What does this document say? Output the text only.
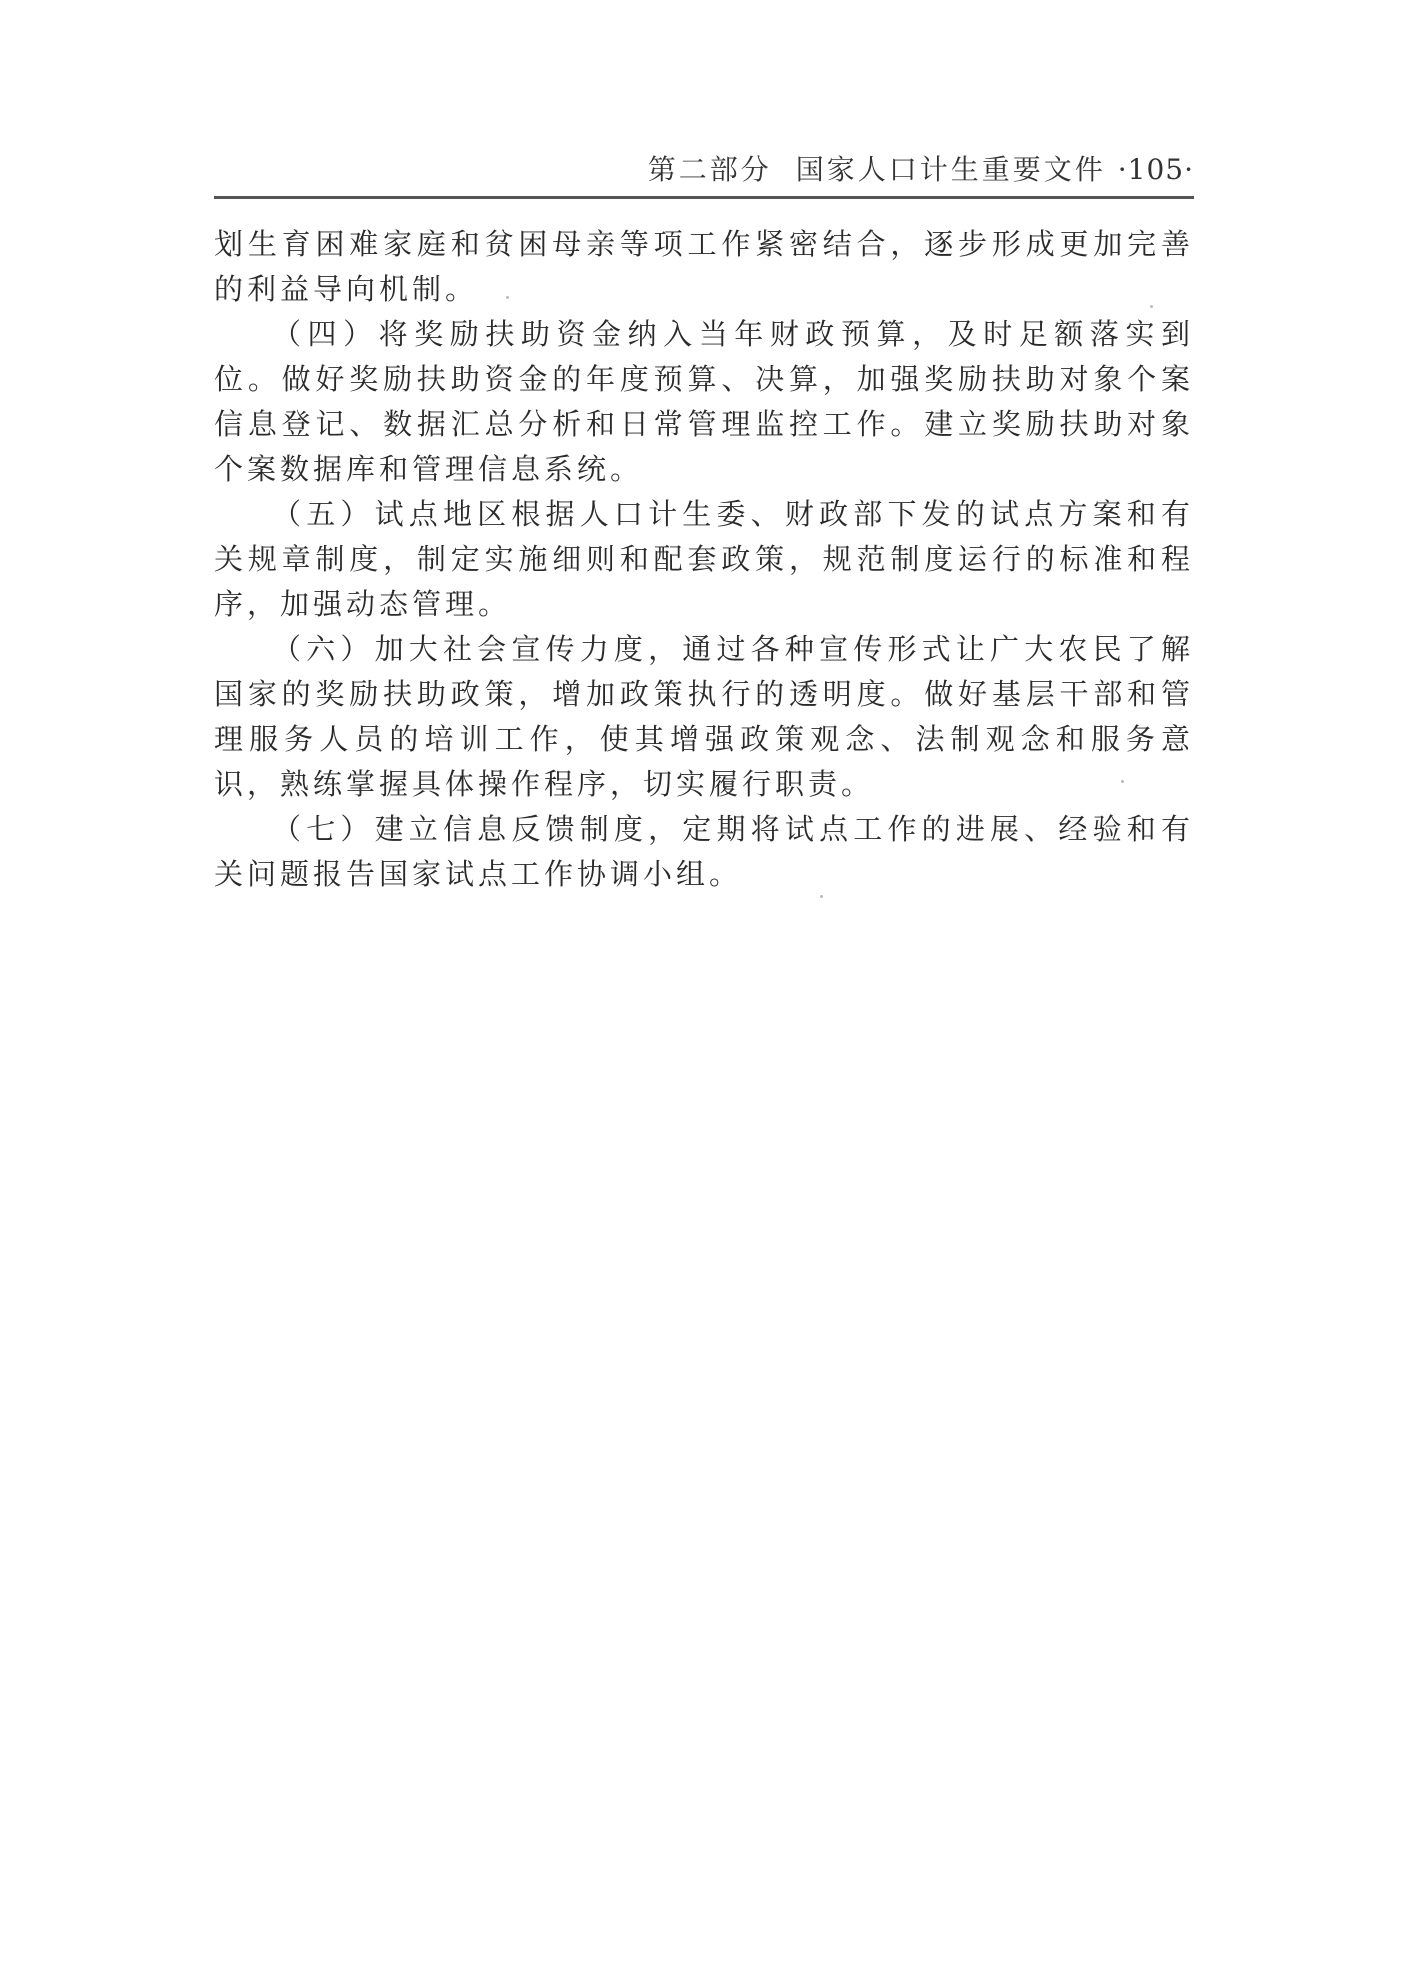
第二部分 国家人口计生重要文件 ·105·

划生育困难家庭和贫困母亲等项工作紧密结合，逐步形成更加完善的利益导向机制。

（四）将奖励扶助资金纳入当年财政预算，及时足额落实到位。做好奖励扶助资金的年度预算、决算，加强奖励扶助对象个案信息登记、数据汇总分析和日常管理监控工作。建立奖励扶助对象个案数据库和管理信息系统。

（五）试点地区根据人口计生委、财政部下发的试点方案和有关规章制度，制定实施细则和配套政策，规范制度运行的标准和程序，加强动态管理。

（六）加大社会宣传力度，通过各种宣传形式让广大农民了解国家的奖励扶助政策，增加政策执行的透明度。做好基层干部和管理服务人员的培训工作，使其增强政策观念、法制观念和服务意识，熟练掌握具体操作程序，切实履行职责。

（七）建立信息反馈制度，定期将试点工作的进展、经验和有关问题报告国家试点工作协调小组。
